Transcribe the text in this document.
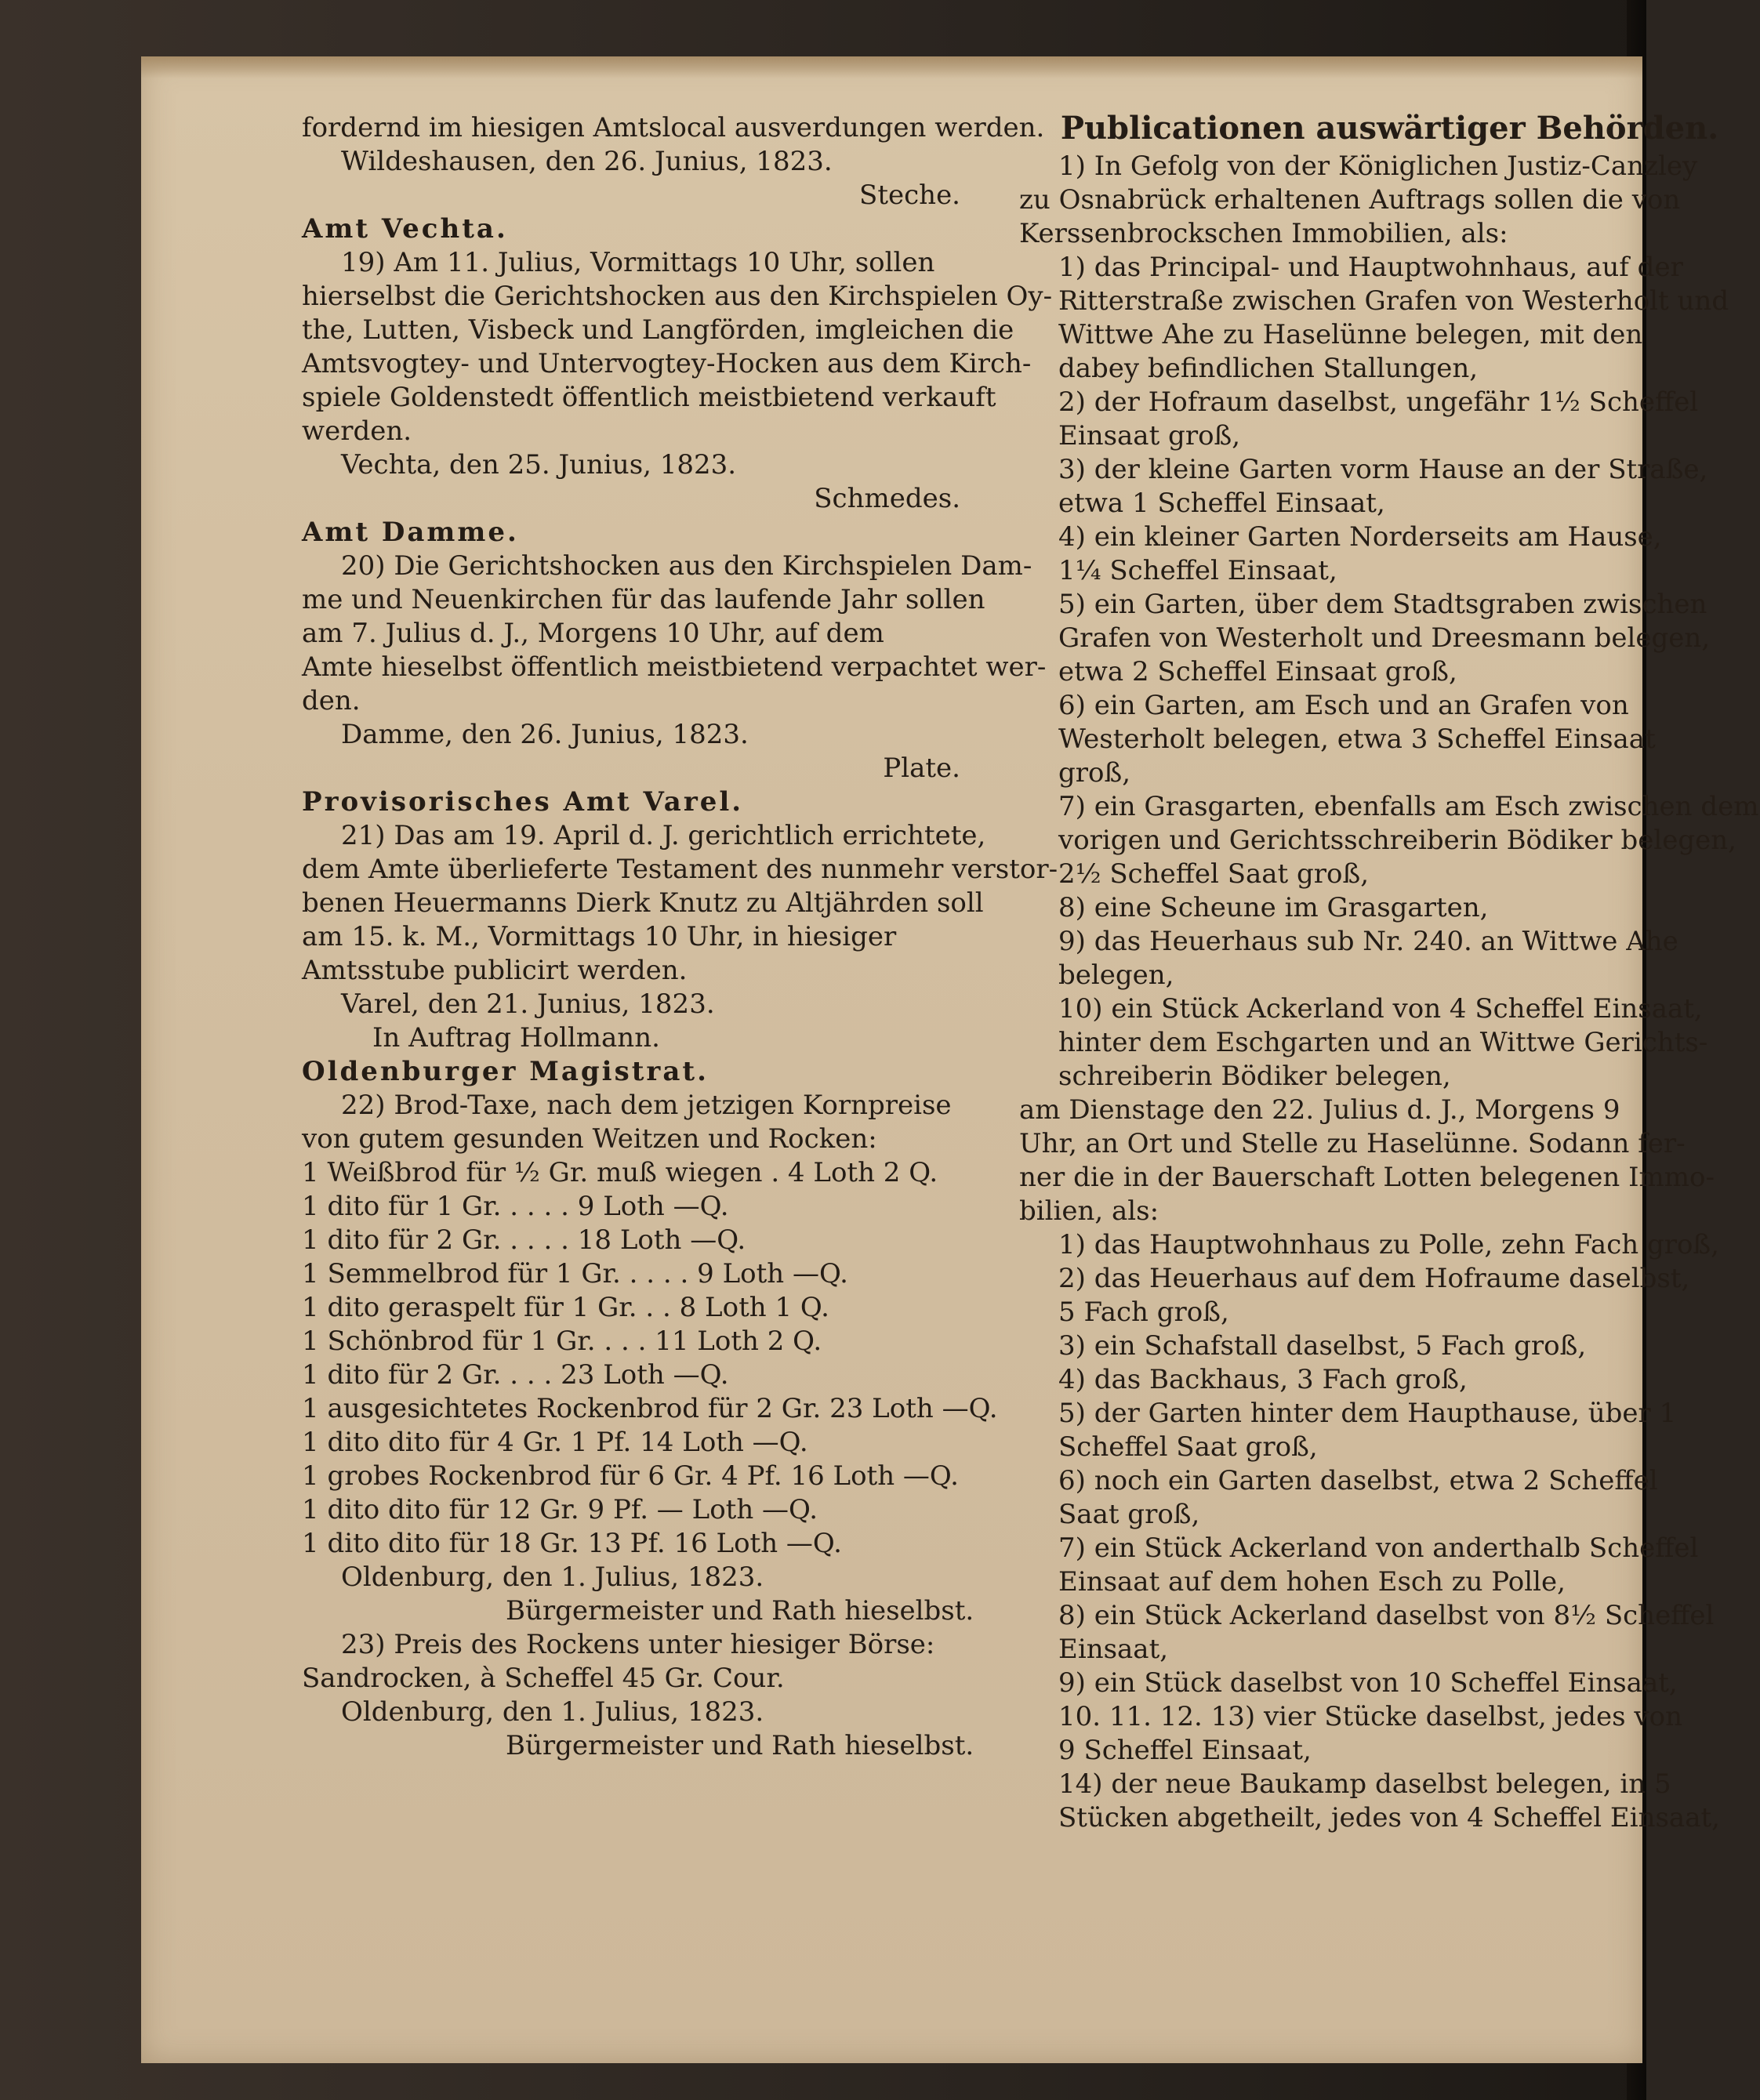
fordernd im hiesigen Amtslocal ausverdungen werden.
Wildeshausen, den 26. Junius, 1823.
Steche.
Amt Vechta.
19) Am 11. Julius, Vormittags 10 Uhr, sollen
hierselbst die Gerichtshocken aus den Kirchspielen Oy-
the, Lutten, Visbeck und Langförden, imgleichen die
Amtsvogtey- und Untervogtey-Hocken aus dem Kirch-
spiele Goldenstedt öffentlich meistbietend verkauft
werden.
Vechta, den 25. Junius, 1823.
Schmedes.
Amt Damme.
20) Die Gerichtshocken aus den Kirchspielen Dam-
me und Neuenkirchen für das laufende Jahr sollen
am 7. Julius d. J., Morgens 10 Uhr, auf dem
Amte hieselbst öffentlich meistbietend verpachtet wer-
den.
Damme, den 26. Junius, 1823.
Plate.
Provisorisches Amt Varel.
21) Das am 19. April d. J. gerichtlich errichtete,
dem Amte überlieferte Testament des nunmehr verstor-
benen Heuermanns Dierk Knutz zu Altjährden soll
am 15. k. M., Vormittags 10 Uhr, in hiesiger
Amtsstube publicirt werden.
Varel, den 21. Junius, 1823.
In Auftrag Hollmann.
Oldenburger Magistrat.
22) Brod-Taxe, nach dem jetzigen Kornpreise
von gutem gesunden Weitzen und Rocken:
1 Weißbrod für ½ Gr. muß wiegen . 4 Loth 2 Q.
1 dito für 1 Gr. . . . . 9 Loth —Q.
1 dito für 2 Gr. . . . . 18 Loth —Q.
1 Semmelbrod für 1 Gr. . . . . 9 Loth —Q.
1 dito geraspelt für 1 Gr. . . 8 Loth 1 Q.
1 Schönbrod für 1 Gr. . . . 11 Loth 2 Q.
1 dito für 2 Gr. . . . 23 Loth —Q.
1 ausgesichtetes Rockenbrod für 2 Gr. 23 Loth —Q.
1 dito dito für 4 Gr. 1 Pf. 14 Loth —Q.
1 grobes Rockenbrod für 6 Gr. 4 Pf. 16 Loth —Q.
1 dito dito für 12 Gr. 9 Pf. — Loth —Q.
1 dito dito für 18 Gr. 13 Pf. 16 Loth —Q.
Oldenburg, den 1. Julius, 1823.
Bürgermeister und Rath hieselbst.
23) Preis des Rockens unter hiesiger Börse:
Sandrocken, à Scheffel 45 Gr. Cour.
Oldenburg, den 1. Julius, 1823.
Bürgermeister und Rath hieselbst.
Publicationen auswärtiger Behörden.
1) In Gefolg von der Königlichen Justiz-Canzley
zu Osnabrück erhaltenen Auftrags sollen die von
Kerssenbrockschen Immobilien, als:
1) das Principal- und Hauptwohnhaus, auf der
Ritterstraße zwischen Grafen von Westerholt und
Wittwe Ahe zu Haselünne belegen, mit den
dabey befindlichen Stallungen,
2) der Hofraum daselbst, ungefähr 1½ Scheffel
Einsaat groß,
3) der kleine Garten vorm Hause an der Straße,
etwa 1 Scheffel Einsaat,
4) ein kleiner Garten Norderseits am Hause,
1¼ Scheffel Einsaat,
5) ein Garten, über dem Stadtsgraben zwischen
Grafen von Westerholt und Dreesmann belegen,
etwa 2 Scheffel Einsaat groß,
6) ein Garten, am Esch und an Grafen von
Westerholt belegen, etwa 3 Scheffel Einsaat
groß,
7) ein Grasgarten, ebenfalls am Esch zwischen dem
vorigen und Gerichtsschreiberin Bödiker belegen,
2½ Scheffel Saat groß,
8) eine Scheune im Grasgarten,
9) das Heuerhaus sub Nr. 240. an Wittwe Ahe
belegen,
10) ein Stück Ackerland von 4 Scheffel Einsaat,
hinter dem Eschgarten und an Wittwe Gerichts-
schreiberin Bödiker belegen,
am Dienstage den 22. Julius d. J., Morgens 9
Uhr, an Ort und Stelle zu Haselünne. Sodann fer-
ner die in der Bauerschaft Lotten belegenen Immo-
bilien, als:
1) das Hauptwohnhaus zu Polle, zehn Fach groß,
2) das Heuerhaus auf dem Hofraume daselbst,
5 Fach groß,
3) ein Schafstall daselbst, 5 Fach groß,
4) das Backhaus, 3 Fach groß,
5) der Garten hinter dem Haupthause, über 1
Scheffel Saat groß,
6) noch ein Garten daselbst, etwa 2 Scheffel
Saat groß,
7) ein Stück Ackerland von anderthalb Scheffel
Einsaat auf dem hohen Esch zu Polle,
8) ein Stück Ackerland daselbst von 8½ Scheffel
Einsaat,
9) ein Stück daselbst von 10 Scheffel Einsaat,
10. 11. 12. 13) vier Stücke daselbst, jedes von
9 Scheffel Einsaat,
14) der neue Baukamp daselbst belegen, in 5
Stücken abgetheilt, jedes von 4 Scheffel Einsaat,
